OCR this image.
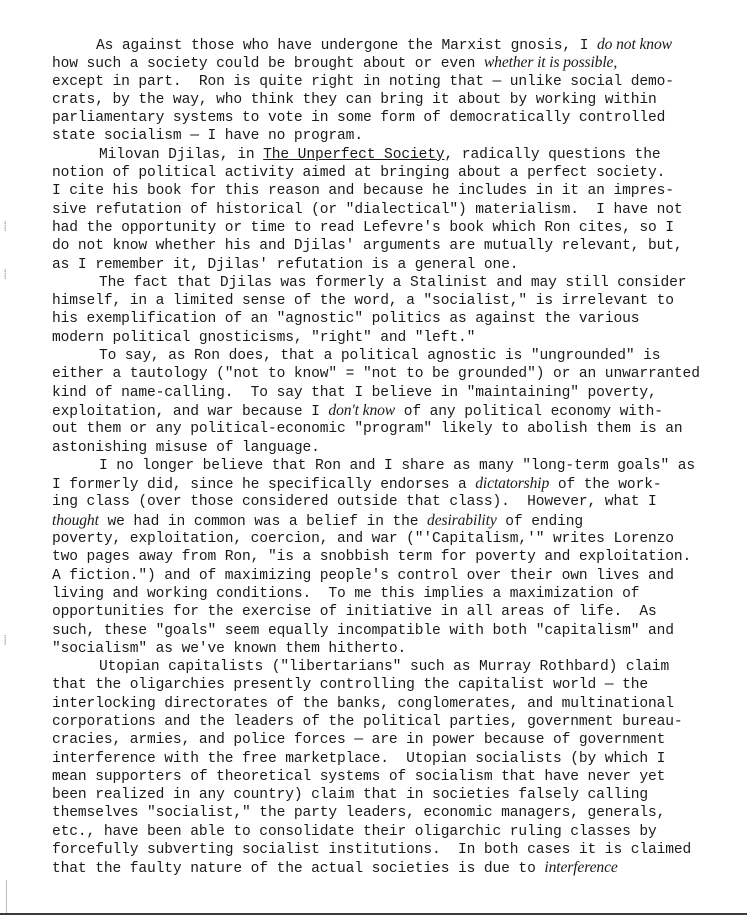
As against those who have undergone the Marxist gnosis, I do not know
how such a society could be brought about or even whether it is possible,
except in part.  Ron is quite right in noting that — unlike social demo-
crats, by the way, who think they can bring it about by working within
parliamentary systems to vote in some form of democratically controlled
state socialism — I have no program.
Milovan Djilas, in The Unperfect Society, radically questions the
notion of political activity aimed at bringing about a perfect society.
I cite his book for this reason and because he includes in it an impres-
sive refutation of historical (or "dialectical") materialism.  I have not
had the opportunity or time to read Lefevre's book which Ron cites, so I
do not know whether his and Djilas' arguments are mutually relevant, but,
as I remember it, Djilas' refutation is a general one.
The fact that Djilas was formerly a Stalinist and may still consider
himself, in a limited sense of the word, a "socialist," is irrelevant to
his exemplification of an "agnostic" politics as against the various
modern political gnosticisms, "right" and "left."
To say, as Ron does, that a political agnostic is "ungrounded" is
either a tautology ("not to know" = "not to be grounded") or an unwarranted
kind of name-calling.  To say that I believe in "maintaining" poverty,
exploitation, and war because I don't know of any political economy with-
out them or any political-economic "program" likely to abolish them is an
astonishing misuse of language.
I no longer believe that Ron and I share as many "long-term goals" as
I formerly did, since he specifically endorses a dictatorship of the work-
ing class (over those considered outside that class).  However, what I
thought we had in common was a belief in the desirability of ending
poverty, exploitation, coercion, and war ("'Capitalism,'" writes Lorenzo
two pages away from Ron, "is a snobbish term for poverty and exploitation.
A fiction.") and of maximizing people's control over their own lives and
living and working conditions.  To me this implies a maximization of
opportunities for the exercise of initiative in all areas of life.  As
such, these "goals" seem equally incompatible with both "capitalism" and
"socialism" as we've known them hitherto.
Utopian capitalists ("libertarians" such as Murray Rothbard) claim
that the oligarchies presently controlling the capitalist world — the
interlocking directorates of the banks, conglomerates, and multinational
corporations and the leaders of the political parties, government bureau-
cracies, armies, and police forces — are in power because of government
interference with the free marketplace.  Utopian socialists (by which I
mean supporters of theoretical systems of socialism that have never yet
been realized in any country) claim that in societies falsely calling
themselves "socialist," the party leaders, economic managers, generals,
etc., have been able to consolidate their oligarchic ruling classes by
forcefully subverting socialist institutions.  In both cases it is claimed
that the faulty nature of the actual societies is due to interference
⸽
⸽
⸽
